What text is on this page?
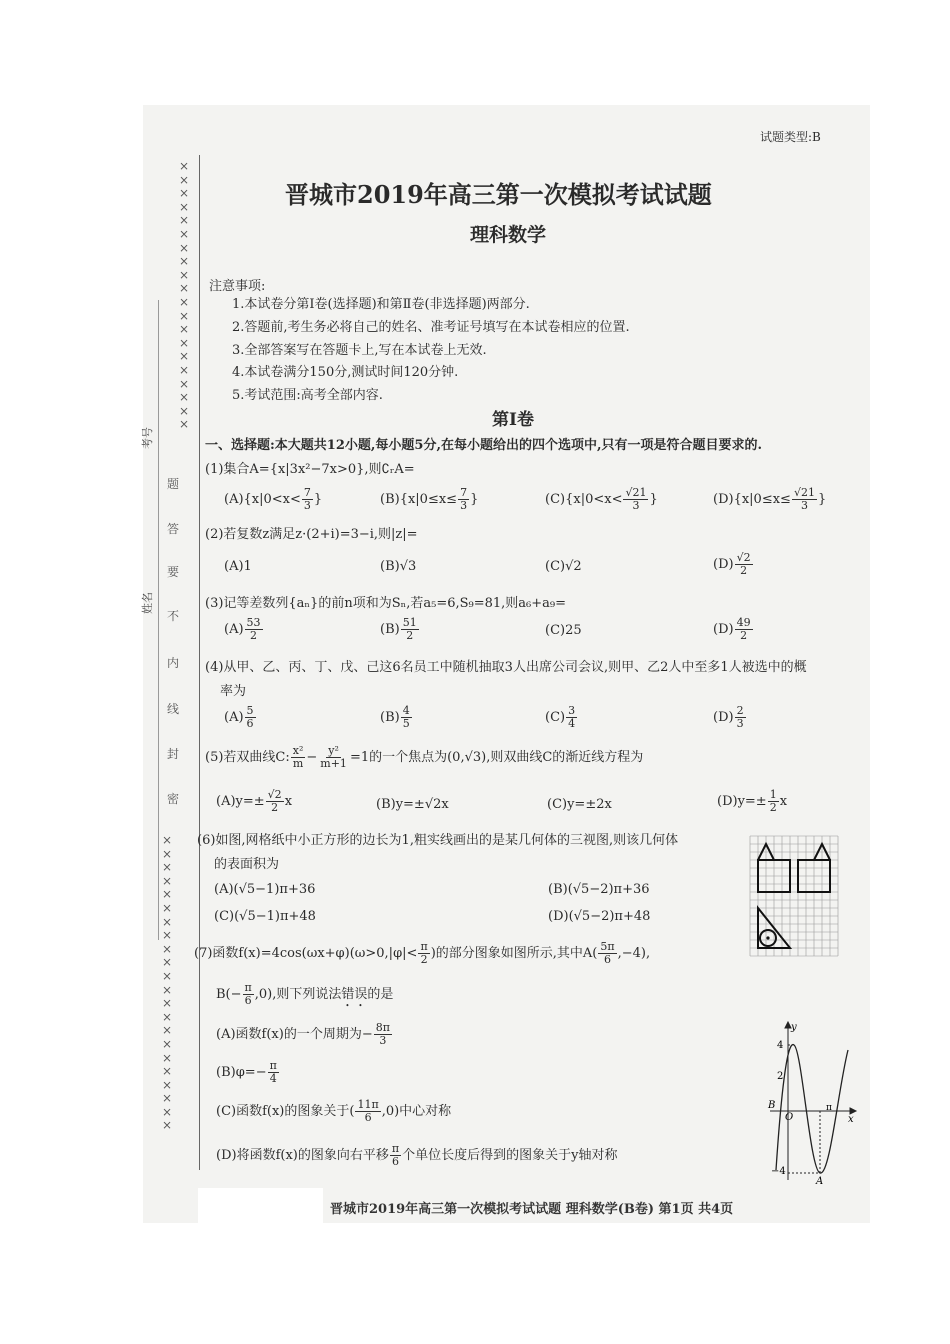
×
×
×
×
×
×
×
×
×
×
×
×
×
×
×
×
×
×
×
×
×
×
×
×
×
×
×
×
×
×
×
×
×
×
×
×
×
×
×
×
×
×
题
答
要
不
内
线
封
密
考号
姓名
试题类型:B
晋城市2019年高三第一次模拟考试试题
理科数学
注意事项:
1.本试卷分第Ⅰ卷(选择题)和第Ⅱ卷(非选择题)两部分.
2.答题前,考生务必将自己的姓名、准考证号填写在本试卷相应的位置.
3.全部答案写在答题卡上,写在本试卷上无效.
4.本试卷满分150分,测试时间120分钟.
5.考试范围:高考全部内容.
第Ⅰ卷
一、选择题:本大题共12小题,每小题5分,在每小题给出的四个选项中,只有一项是符合题目要求的.
(1)集合A={x|3x²−7x>0},则∁ᵣA=
$(A)\{x|0<x< \frac{7}{3}$ }	$(B)\{x|0\le x\le \frac{7}{3}$ }	$(C)\{x|0<x< \frac{√21}{3}$ }	$(D)\{x|0\le x\le \frac{√21}{3}$ }
(2)若复数z满足z·(2+i)=3−i,则|z|=
(A)1	(B)√3	(C)√2	$(D) \frac{√2}{2}$
(3)记等差数列{aₙ}的前n项和为Sₙ,若a₅=6,S₉=81,则a₆+a₉=
$(A) \frac{53}{2}$	$(B) \frac{51}{2}$	(C)25	$(D) \frac{49}{2}$
(4)从甲、乙、丙、丁、戊、己这6名员工中随机抽取3人出席公司会议,则甲、乙2人中至多1人被选中的概
率为
$(A) \frac{5}{6}$	$(B) \frac{4}{5}$	$(C) \frac{3}{4}$	$(D) \frac{2}{3}$
(5)若双曲线C: $\frac{\text{x²}}{m} - \frac{\text{y²}}{m+1} =1$的一个焦点为(0,√3),则双曲线C的渐近线方程为
$(A)y=\pm \frac{√2}{2}$ x	(B)y=±√2x	(C)y=±2x	$(D)y=\pm \frac{1}{2}$ x
(6)如图,网格纸中小正方形的边长为1,粗实线画出的是某几何体的三视图,则该几何体
的表面积为
(A)(√5−1)π+36	(B)(√5−2)π+36
(C)(√5−1)π+48	(D)(√5−2)π+48
(7)函数$f(x)=4\cos(\omega x+\varphi)(\omega>0,|\varphi|< \frac{\pi}{2}$ )的部分图象如图所示,其中$A( \frac{5\pi}{6} ,-4)$,
$B(- \frac{\pi}{6} ,0)$,则下列说法错误的是
(A)函数f(x)的一个周期为− $\frac{8\pi}{3}$
$(B)\varphi=- \frac{\pi}{4}$
(C)函数f(x)的图象关于( $\frac{11\pi}{6} ,0$)中心对称
(D)将函数f(x)的图象向右平移 $\frac{\pi}{6}$ 个单位长度后得到的图象关于y轴对称
y
x
4
2
−4
B
O
π
A
晋城市2019年高三第一次模拟考试试题 理科数学(B卷) 第1页 共4页
